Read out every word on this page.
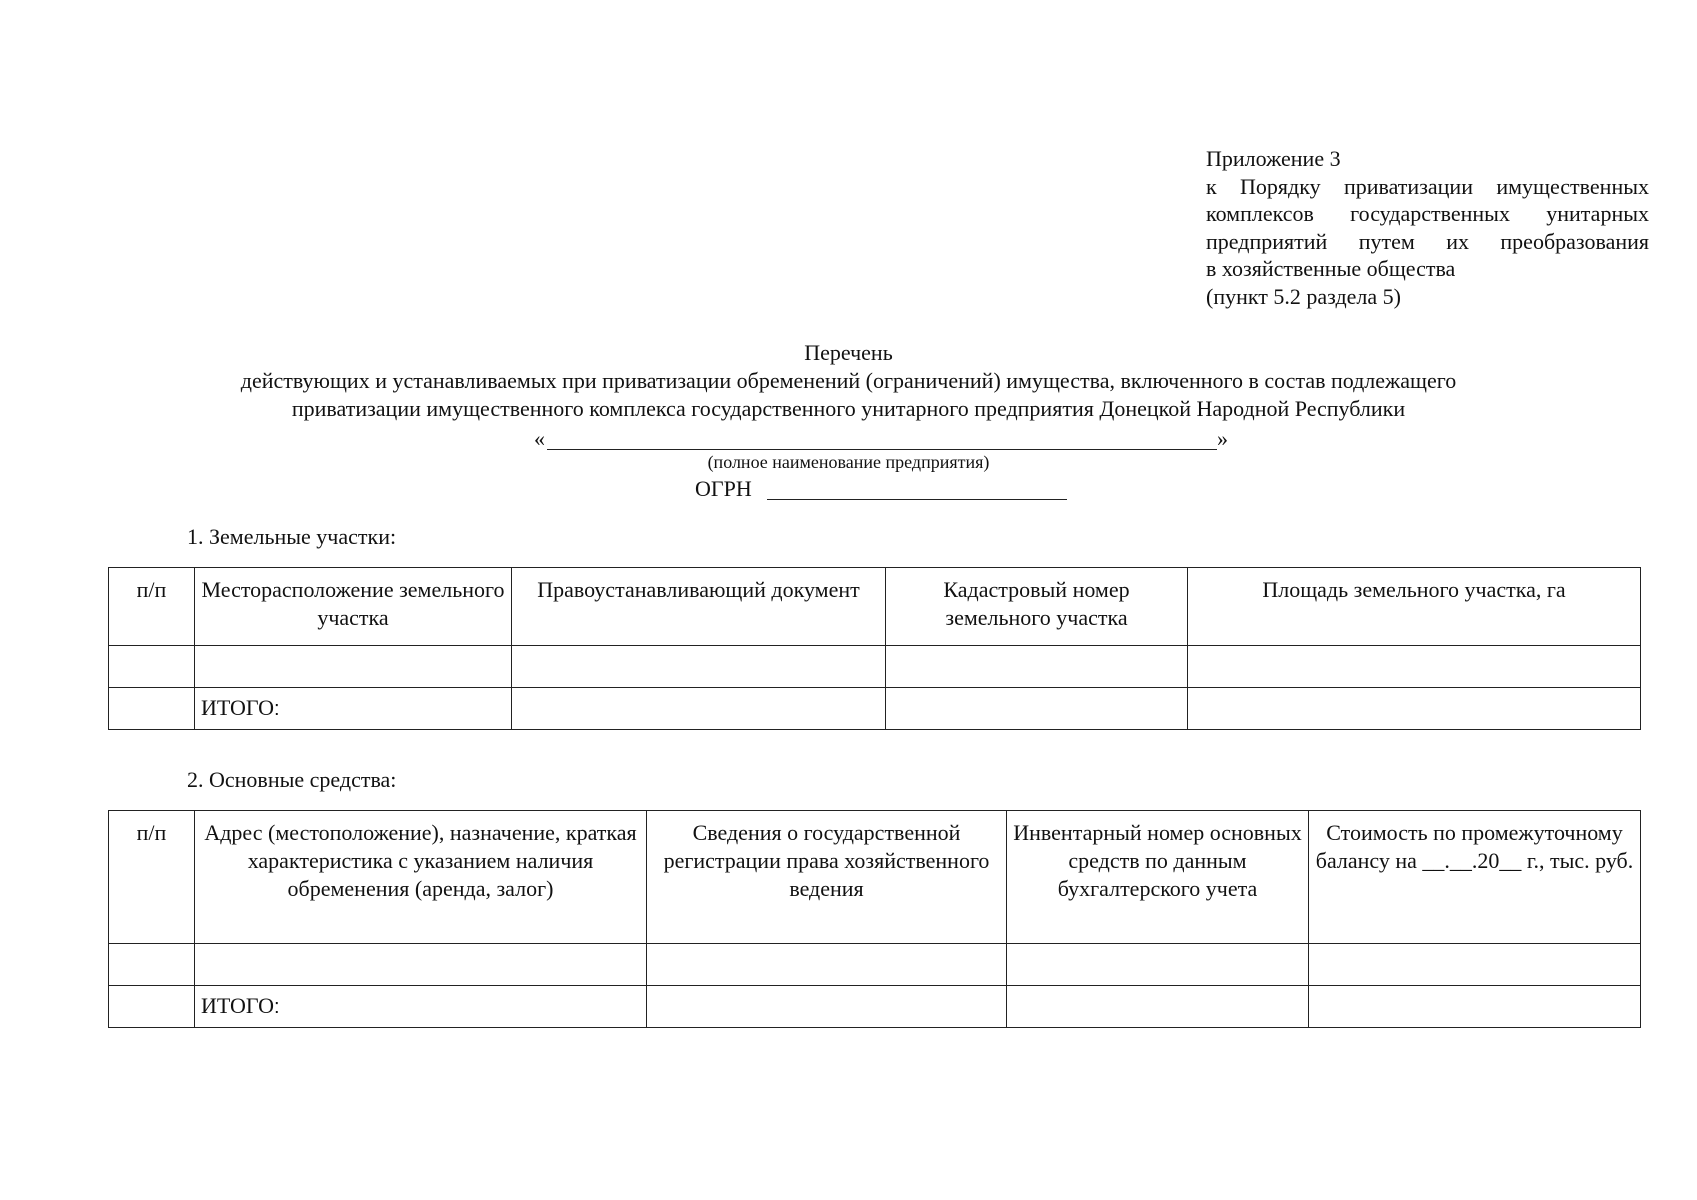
Приложение 3
к Порядку приватизации имущественных
комплексов государственных унитарных
предприятий путем их преобразования
в хозяйственные общества
(пункт 5.2 раздела 5)
Перечень
действующих и устанавливаемых при приватизации обременений (ограничений) имущества, включенного в состав подлежащего
приватизации имущественного комплекса государственного унитарного предприятия Донецкой Народной Республики
«	»
(полное наименование предприятия)
ОГРН
1. Земельные участки:
п/п	Месторасположение земельного участка	Правоустанавливающий документ	Кадастровый номер земельного участка	Площадь земельного участка, га

	ИТОГО:			
2. Основные средства:
п/п	Адрес (местоположение), назначение, краткая характеристика с указанием наличия обременения (аренда, залог)	Сведения о государственной регистрации права хозяйственного ведения	Инвентарный номер основных средств по данным бухгалтерского учета	Стоимость по промежуточному балансу на __.__.20__ г., тыс. руб.

	ИТОГО:			
